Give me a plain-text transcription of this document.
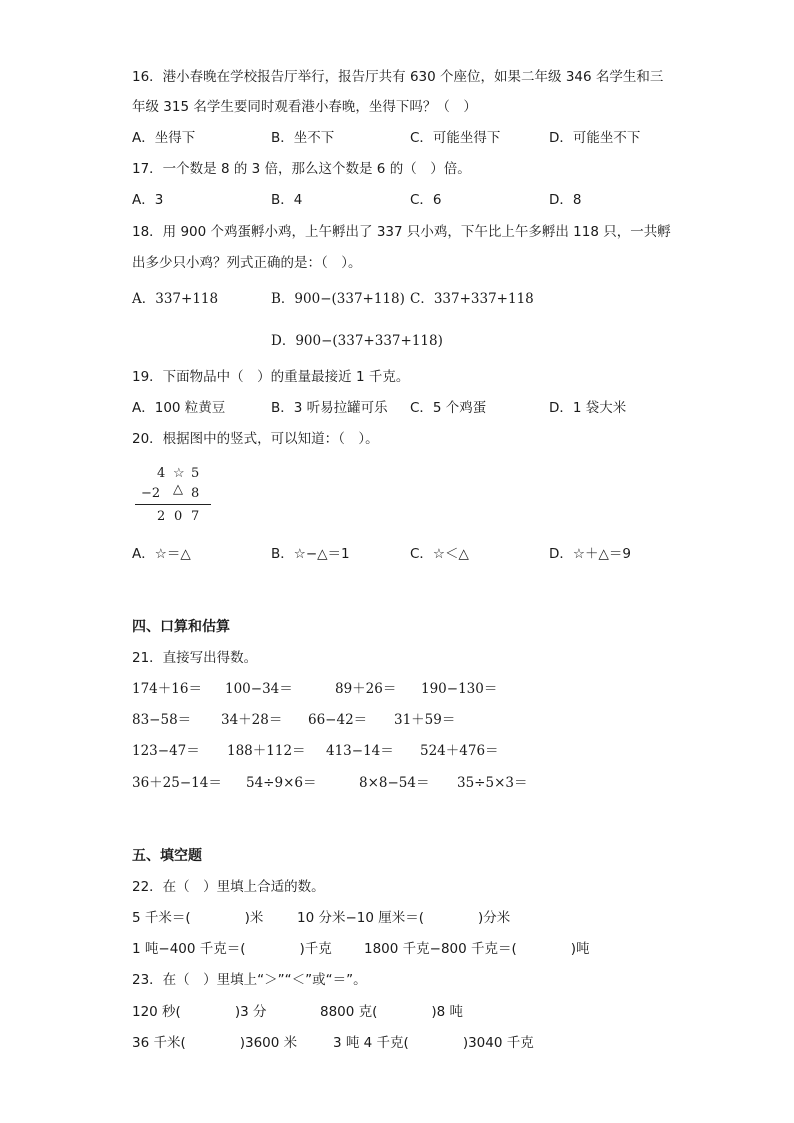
16．港小春晚在学校报告厅举行，报告厅共有 630 个座位，如果二年级 346 名学生和三
年级 315 名学生要同时观看港小春晚，坐得下吗？（　）
A．坐得下	B．坐不下	C．可能坐得下	D．可能坐不下
17．一个数是 8 的 3 倍，那么这个数是 6 的（　）倍。
A．3	B．4	C．6	D．8
18．用 900 个鸡蛋孵小鸡，上午孵出了 337 只小鸡，下午比上午多孵出 118 只，一共孵
出多少只小鸡？列式正确的是：（　）。
A．337+118	B．900−(337+118) C．337+337+118
D．900−(337+337+118)
19．下面物品中（　）的重量最接近 1 千克。
A．100 粒黄豆	B．3 听易拉罐可乐 C．5 个鸡蛋	D．1 袋大米
20．根据图中的竖式，可以知道：（　）。
4 ☆ 5
−2 △ 8
2 0 7
A．☆＝△	B．☆−△＝1	C．☆＜△	D．☆＋△＝9
四、口算和估算
21．直接写出得数。
174＋16＝ 100−34＝	89＋26＝ 190−130＝
83−58＝ 34＋28＝ 66−42＝ 31＋59＝
123−47＝ 188＋112＝ 413−14＝ 524＋476＝
36＋25−14＝ 54÷9×6＝	8×8−54＝ 35÷5×3＝
五、填空题
22．在（　）里填上合适的数。
5 千米＝(　　　　)米 10 分米−10 厘米＝(　　　　)分米
1 吨−400 千克＝(　　　　)千克 1800 千克−800 千克＝(　　　　)吨
23．在（　）里填上“＞”“＜”或“＝”。
120 秒(　　　　)3 分	8800 克(　　　　)8 吨
36 千米(　　　　)3600 米	3 吨 4 千克(　　　　)3040 千克
